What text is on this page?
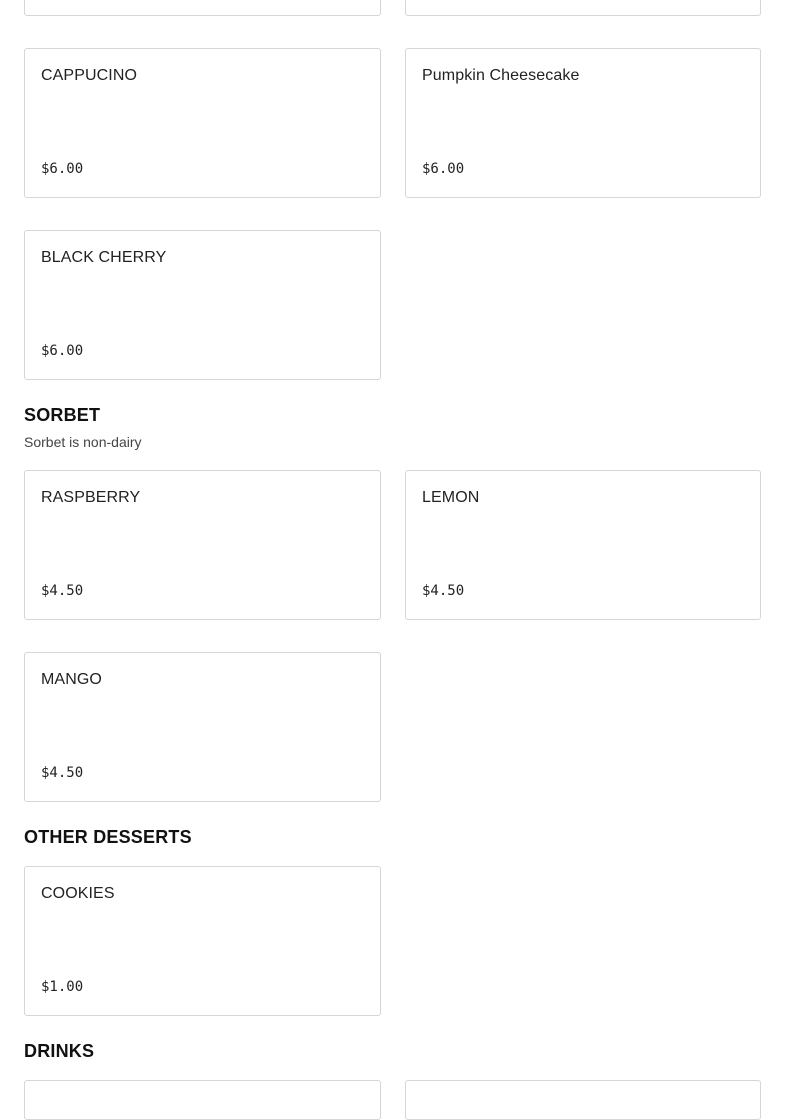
CAPPUCINO
$6.00
Pumpkin Cheesecake
$6.00
BLACK CHERRY
$6.00
SORBET
Sorbet is non-dairy
RASPBERRY
$4.50
LEMON
$4.50
MANGO
$4.50
OTHER DESSERTS
COOKIES
$1.00
DRINKS
